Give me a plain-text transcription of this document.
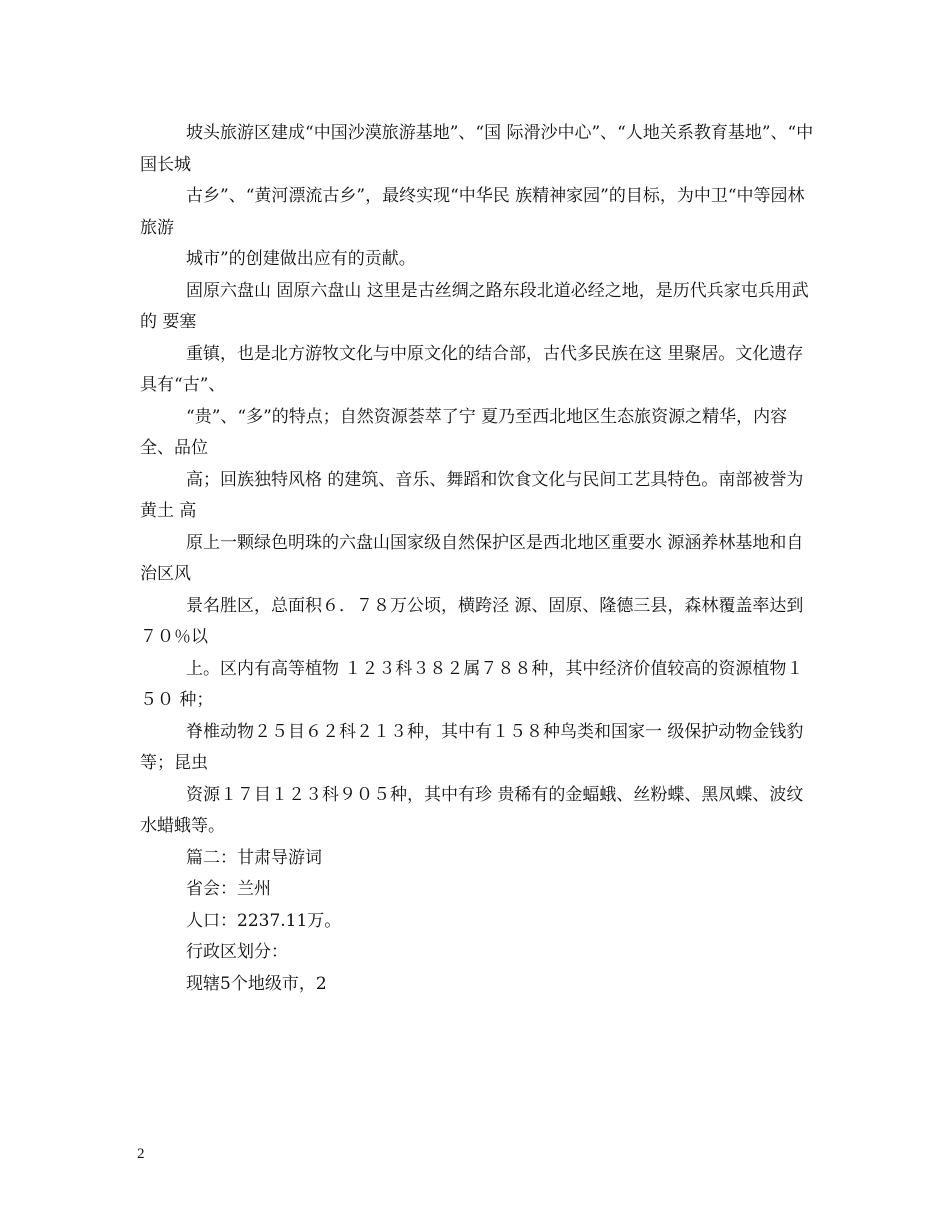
坡头旅游区建成“中国沙漠旅游基地”、“国 际滑沙中心”、“人地关系教育基地”、“中国长城

古乡”、“黄河漂流古乡”，最终实现“中华民 族精神家园”的目标，为中卫“中等园林旅游

城市”的创建做出应有的贡献。

固原六盘山 固原六盘山 这里是古丝绸之路东段北道必经之地，是历代兵家屯兵用武的 要塞

重镇，也是北方游牧文化与中原文化的结合部，古代多民族在这 里聚居。文化遗存具有“古”、

“贵”、“多”的特点；自然资源荟萃了宁 夏乃至西北地区生态旅资源之精华，内容全、品位

高；回族独特风格 的建筑、音乐、舞蹈和饮食文化与民间工艺具特色。南部被誉为黄土 高

原上一颗绿色明珠的六盘山国家级自然保护区是西北地区重要水 源涵养林基地和自治区风

景名胜区，总面积６．７８万公顷，横跨泾 源、固原、隆德三县，森林覆盖率达到７０％以

上。区内有高等植物 １２３科３８２属７８８种，其中经济价值较高的资源植物１５０ 种；

脊椎动物２５目６２科２１３种，其中有１５８种鸟类和国家一 级保护动物金钱豹等；昆虫

资源１７目１２３科９０５种，其中有珍 贵稀有的金蝠蛾、丝粉蝶、黑凤蝶、波纹水蜡蛾等。

篇二：甘肃导游词

省会：兰州

人口：2237.11万。

行政区划分：

现辖5个地级市，2

2
